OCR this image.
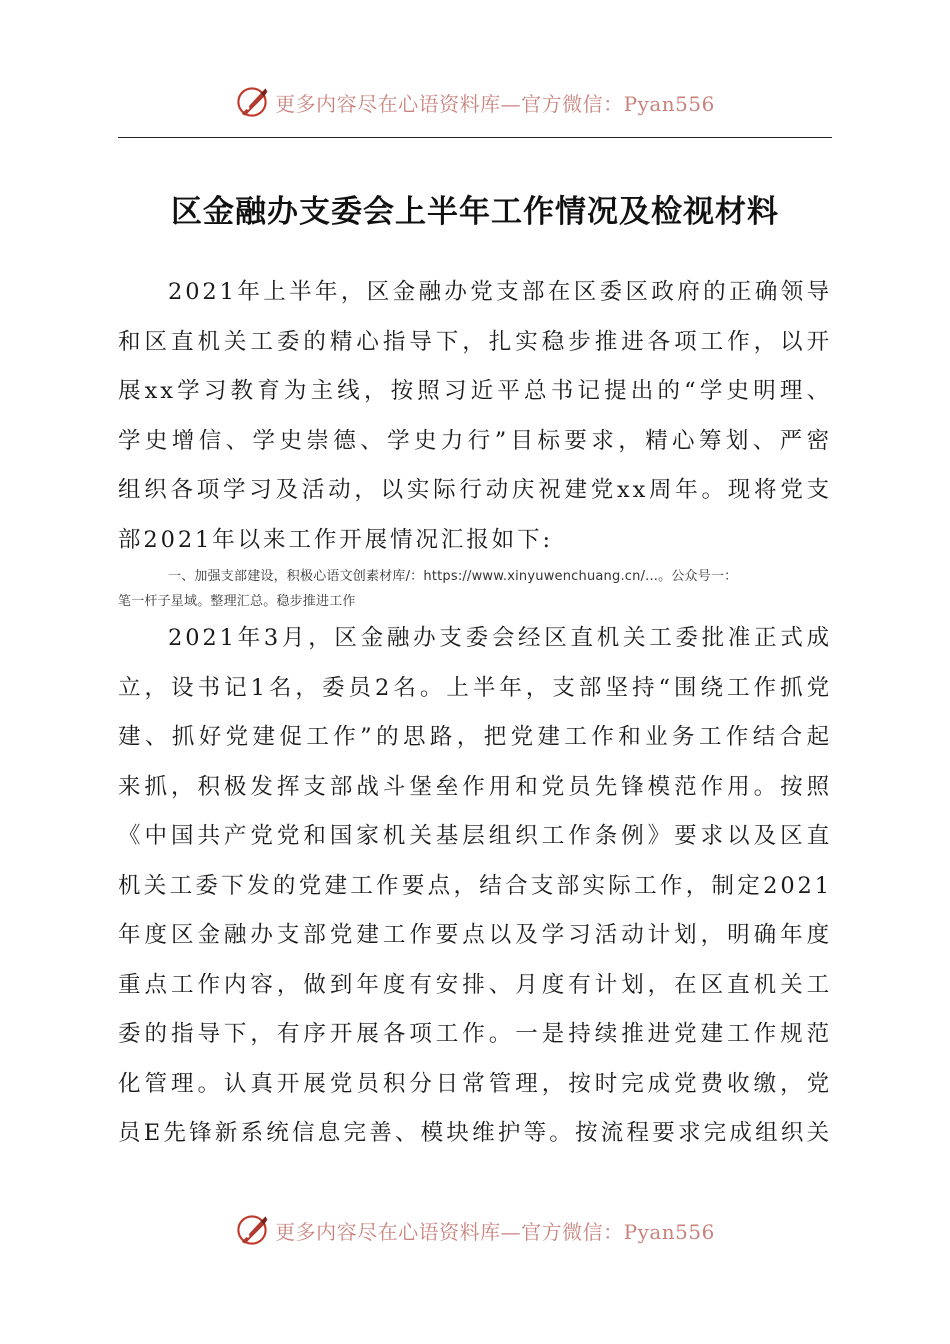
更多内容尽在心语资料库—官方微信：Pyan556
区金融办支委会上半年工作情况及检视材料
2021年上半年，区金融办党支部在区委区政府的正确领导
和区直机关工委的精心指导下，扎实稳步推进各项工作，以开
展xx学习教育为主线，按照习近平总书记提出的“学史明理、
学史增信、学史崇德、学史力行”目标要求，精心筹划、严密
组织各项学习及活动，以实际行动庆祝建党xx周年。现将党支
部2021年以来工作开展情况汇报如下:
一、加强支部建设，积极心语文创素材库/：https://www.xinyuwenchuang.cn/...。公众号一：
笔一杆子星域。整理汇总。稳步推进工作
2021年3月，区金融办支委会经区直机关工委批准正式成
立，设书记1名，委员2名。上半年，支部坚持“围绕工作抓党
建、抓好党建促工作”的思路，把党建工作和业务工作结合起
来抓，积极发挥支部战斗堡垒作用和党员先锋模范作用。按照
《中国共产党党和国家机关基层组织工作条例》要求以及区直
机关工委下发的党建工作要点，结合支部实际工作，制定2021
年度区金融办支部党建工作要点以及学习活动计划，明确年度
重点工作内容，做到年度有安排、月度有计划，在区直机关工
委的指导下，有序开展各项工作。一是持续推进党建工作规范
化管理。认真开展党员积分日常管理，按时完成党费收缴，党
员E先锋新系统信息完善、模块维护等。按流程要求完成组织关
更多内容尽在心语资料库—官方微信：Pyan556
